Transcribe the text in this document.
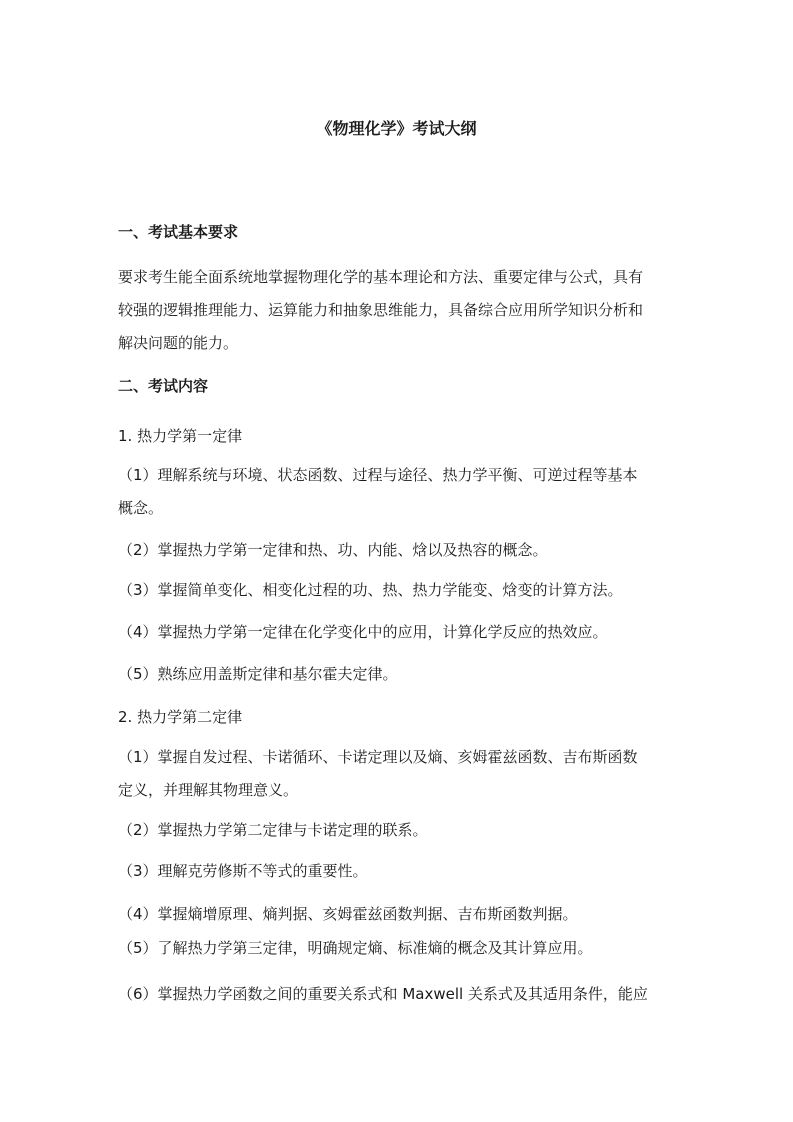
《物理化学》考试大纲
一、考试基本要求
要求考生能全面系统地掌握物理化学的基本理论和方法、重要定律与公式，具有
较强的逻辑推理能力、运算能力和抽象思维能力，具备综合应用所学知识分析和
解决问题的能力。
二、考试内容
1. 热力学第一定律
（1）理解系统与环境、状态函数、过程与途径、热力学平衡、可逆过程等基本
概念。
（2）掌握热力学第一定律和热、功、内能、焓以及热容的概念。
（3）掌握简单变化、相变化过程的功、热、热力学能变、焓变的计算方法。
（4）掌握热力学第一定律在化学变化中的应用，计算化学反应的热效应。
（5）熟练应用盖斯定律和基尔霍夫定律。
2. 热力学第二定律
（1）掌握自发过程、卡诺循环、卡诺定理以及熵、亥姆霍兹函数、吉布斯函数
定义，并理解其物理意义。
（2）掌握热力学第二定律与卡诺定理的联系。
（3）理解克劳修斯不等式的重要性。
（4）掌握熵增原理、熵判据、亥姆霍兹函数判据、吉布斯函数判据。
（5）了解热力学第三定律，明确规定熵、标准熵的概念及其计算应用。
（6）掌握热力学函数之间的重要关系式和 Maxwell 关系式及其适用条件，能应
